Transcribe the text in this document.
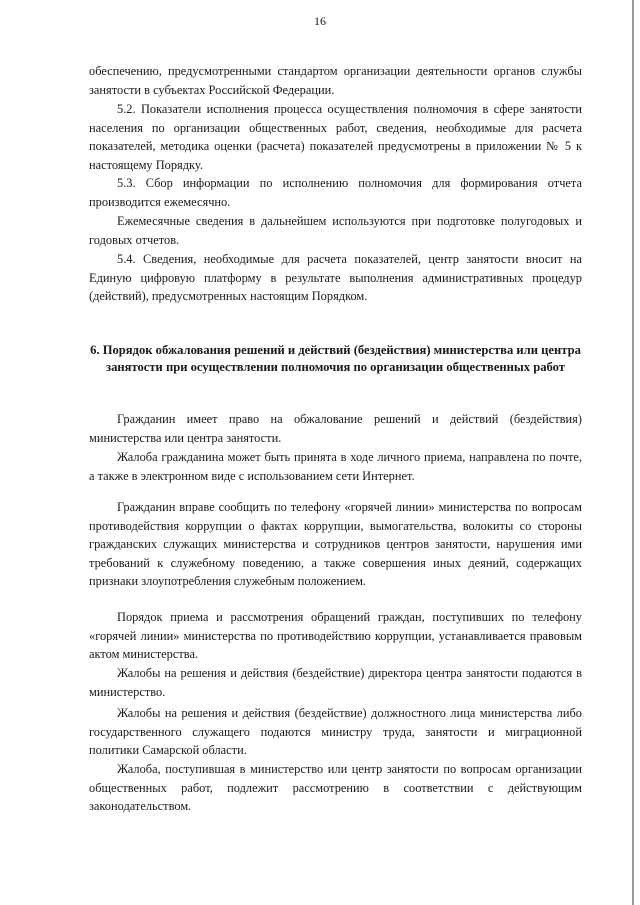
16

обеспечению, предусмотренными стандартом организации деятельности органов службы занятости в субъектах Российской Федерации.

5.2. Показатели исполнения процесса осуществления полномочия в сфере занятости населения по организации общественных работ, сведения, необходимые для расчета показателей, методика оценки (расчета) показателей предусмотрены в приложении № 5 к настоящему Порядку.

5.3. Сбор информации по исполнению полномочия для формирования отчета производится ежемесячно.

Ежемесячные сведения в дальнейшем используются при подготовке полугодовых и годовых отчетов.

5.4. Сведения, необходимые для расчета показателей, центр занятости вносит на Единую цифровую платформу в результате выполнения административных процедур (действий), предусмотренных настоящим Порядком.

6. Порядок обжалования решений и действий (бездействия) министерства или центра занятости при осуществлении полномочия по организации общественных работ

Гражданин имеет право на обжалование решений и действий (бездействия) министерства или центра занятости.

Жалоба гражданина может быть принята в ходе личного приема, направлена по почте, а также в электронном виде с использованием сети Интернет.

Гражданин вправе сообщить по телефону «горячей линии» министерства по вопросам противодействия коррупции о фактах коррупции, вымогательства, волокиты со стороны гражданских служащих министерства и сотрудников центров занятости, нарушения ими требований к служебному поведению, а также совершения иных деяний, содержащих признаки злоупотребления служебным положением.

Порядок приема и рассмотрения обращений граждан, поступивших по телефону «горячей линии» министерства по противодействию коррупции, устанавливается правовым актом министерства.

Жалобы на решения и действия (бездействие) директора центра занятости подаются в министерство.

Жалобы на решения и действия (бездействие) должностного лица министерства либо государственного служащего подаются министру труда, занятости и миграционной политики Самарской области.

Жалоба, поступившая в министерство или центр занятости по вопросам организации общественных работ, подлежит рассмотрению в соответствии с действующим законодательством.
